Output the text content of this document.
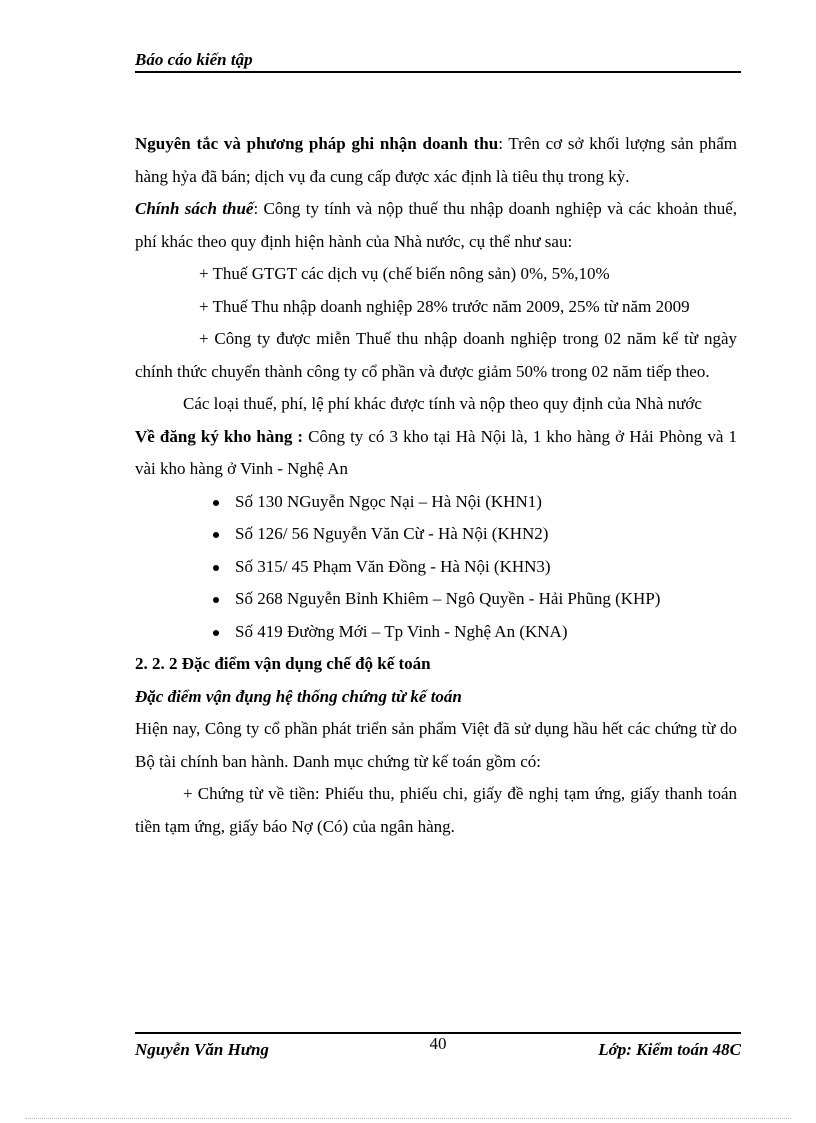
Báo cáo kiến tập

Nguyên tắc và phương pháp ghi nhận doanh thu: Trên cơ sở khối lượng sản phẩm hàng hỷa đã bán; dịch vụ đa cung cấp được xác định là tiêu thụ trong kỳ.

Chính sách thuế: Công ty tính và nộp thuế thu nhập doanh nghiệp và các khoản thuế, phí khác theo quy định hiện hành của Nhà nước, cụ thể như sau:

+ Thuế GTGT các dịch vụ (chế biến nông sản) 0%, 5%,10%

+ Thuế Thu nhập doanh nghiệp 28% trước năm 2009, 25% từ năm 2009

+ Công ty được miễn Thuế thu nhập doanh nghiệp trong 02 năm kể từ ngày chính thức chuyển thành công ty cổ phần và được giảm 50% trong 02 năm tiếp theo.

Các loại thuế, phí, lệ phí khác được tính và nộp theo quy định của Nhà nước

Về đăng ký kho hàng : Công ty có 3 kho tại Hà Nội là, 1 kho hàng ở Hải Phòng và 1 vài kho hàng ở Vinh - Nghệ An

Số 130 NGuyễn Ngọc Nại – Hà Nội (KHN1)
Số 126/ 56 Nguyễn Văn Cừ - Hà Nội (KHN2)
Số 315/ 45 Phạm Văn Đồng - Hà Nội (KHN3)
Số 268 Nguyễn Bỉnh Khiêm – Ngô Quyền - Hải Phũng (KHP)
Số 419 Đường Mới – Tp Vinh - Nghệ An (KNA)

2. 2. 2 Đặc điểm vận dụng chế độ kế toán

Đặc điểm vận đụng hệ thống chứng từ kế toán

Hiện nay, Công ty cổ phần phát triển sản phẩm Việt đã sử dụng hầu hết các chứng từ do Bộ tài chính ban hành. Danh mục chứng từ kế toán gồm có:

+ Chứng từ về tiền: Phiếu thu, phiếu chi, giấy đề nghị tạm ứng, giấy thanh toán tiền tạm ứng, giấy báo Nợ (Có) của ngân hàng.

Nguyễn Văn Hưng	40	Lớp: Kiểm toán 48C
